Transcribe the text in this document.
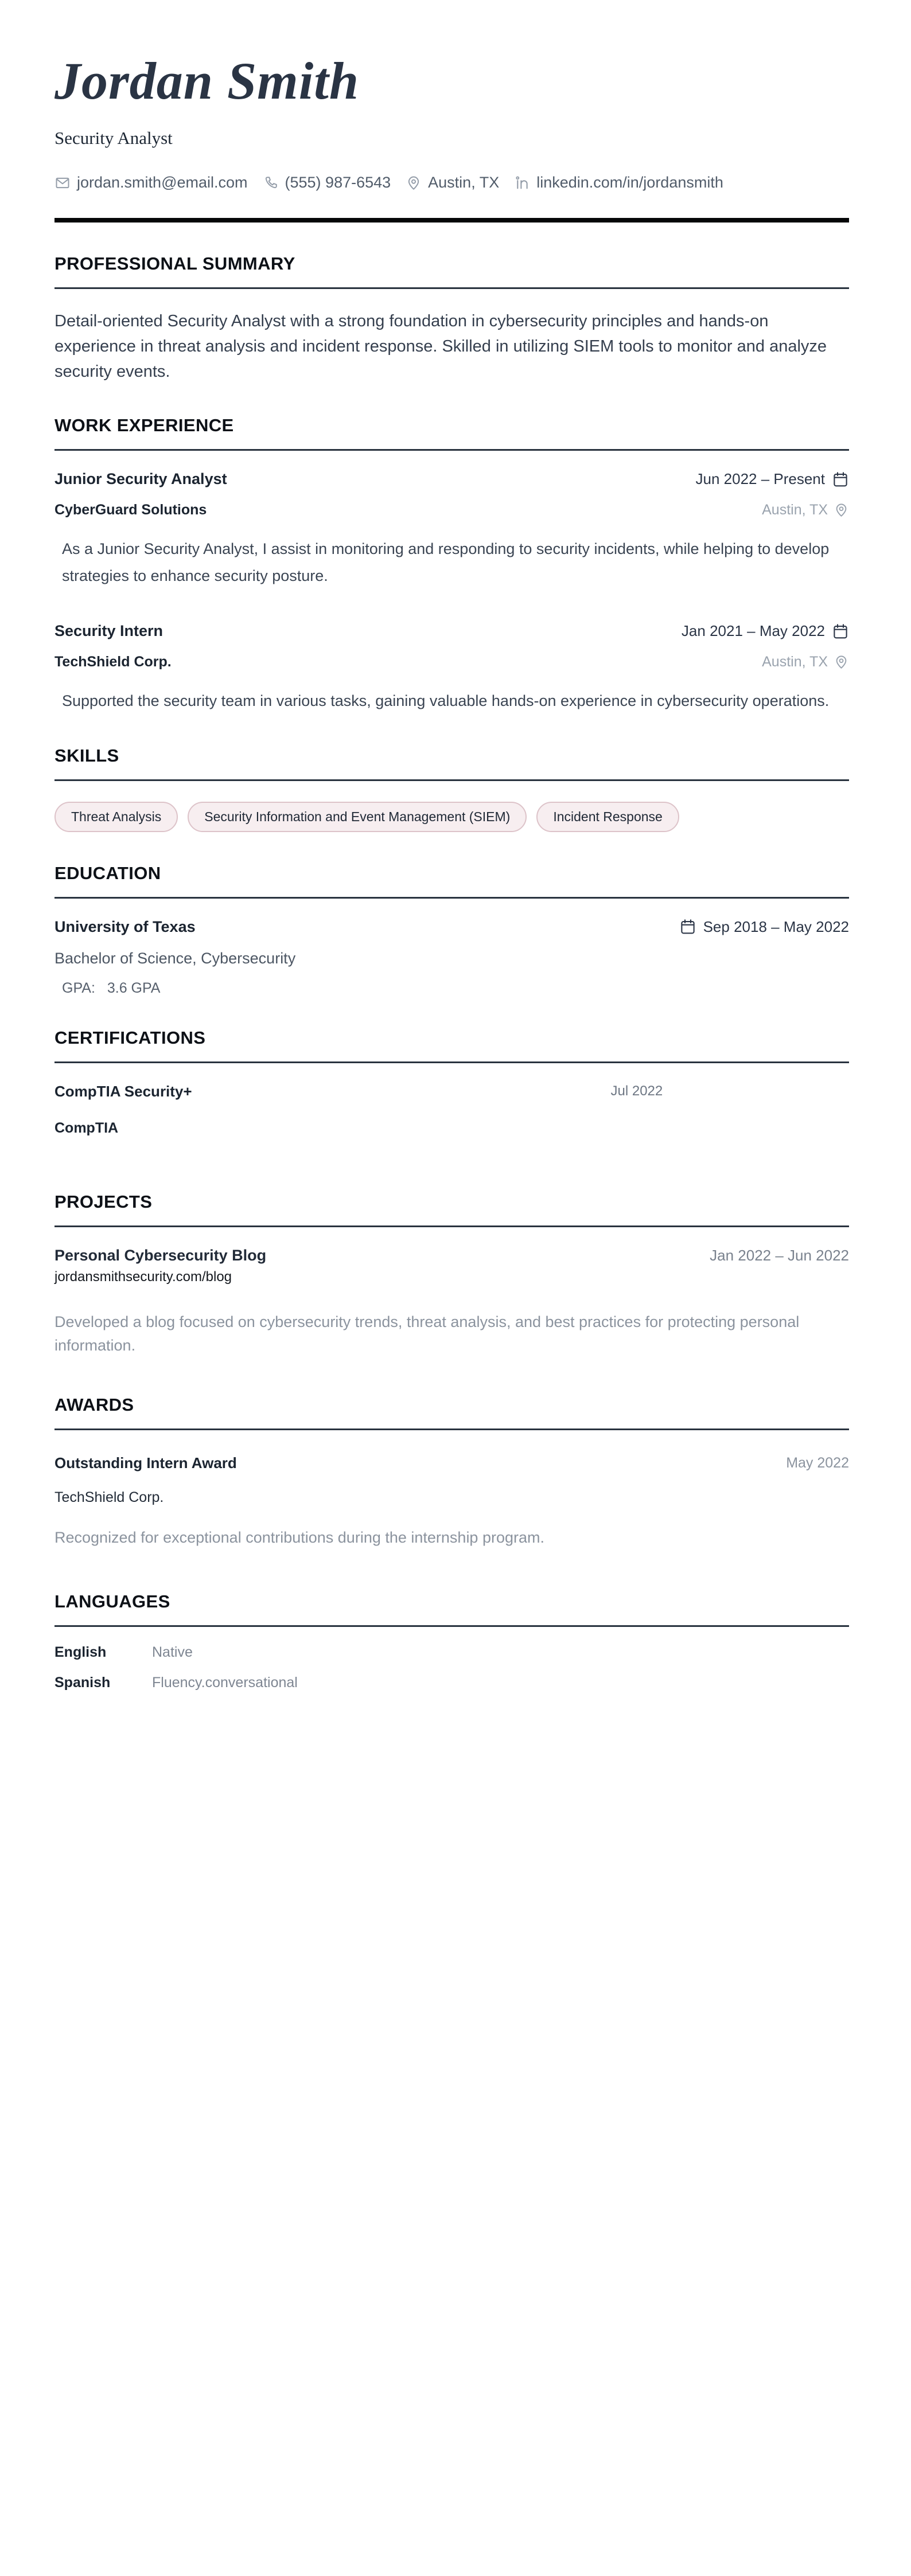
Jordan Smith
Security Analyst
jordan.smith@email.com (555) 987-6543 Austin, TX linkedin.com/in/jordansmith
PROFESSIONAL SUMMARY

Detail-oriented Security Analyst with a strong foundation in cybersecurity principles and hands-on experience in threat analysis and incident response. Skilled in utilizing SIEM tools to monitor and analyze security events.

WORK EXPERIENCE
Junior Security Analyst	Jun 2022 – Present
CyberGuard Solutions	Austin, TX

As a Junior Security Analyst, I assist in monitoring and responding to security incidents, while helping to develop strategies to enhance security posture.

Security Intern	Jan 2021 – May 2022
TechShield Corp.	Austin, TX

Supported the security team in various tasks, gaining valuable hands-on experience in cybersecurity operations.

SKILLS
Threat Analysis	Security Information and Event Management (SIEM)	Incident Response
EDUCATION
University of Texas	Sep 2018 – May 2022
Bachelor of Science, Cybersecurity
GPA: 3.6 GPA
CERTIFICATIONS
CompTIA Security+	Jul 2022
CompTIA
PROJECTS
Personal Cybersecurity Blog	Jan 2022 – Jun 2022
jordansmithsecurity.com/blog

Developed a blog focused on cybersecurity trends, threat analysis, and best practices for protecting personal information.

AWARDS
Outstanding Intern Award	May 2022
TechShield Corp.

Recognized for exceptional contributions during the internship program.

LANGUAGES
English	Native
Spanish	Fluency.conversational
